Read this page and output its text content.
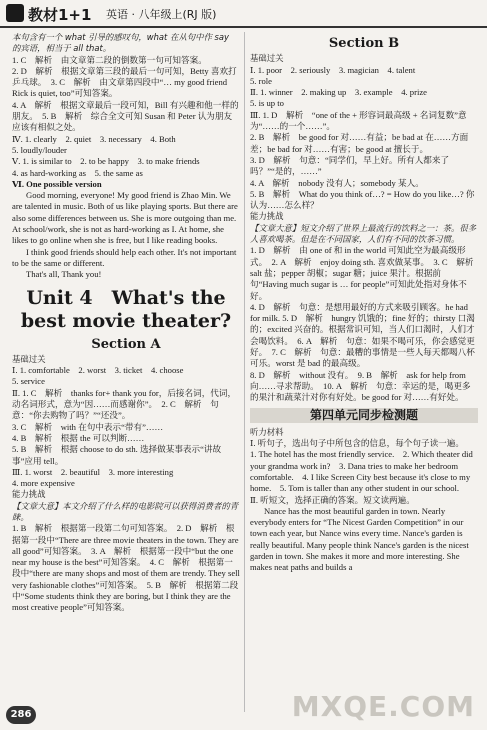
教材1+1 英语 · 八年级上(RJ 版)

本句含有一个 what 引导的感叹句，what 在从句中作 say 的宾语，相当于 all that。

1. C　解析　由文章第二段的倒数第一句可知答案。

2. D　解析　根据文章第三段的最后一句可知，Betty 喜欢打乒乓球。　3. C　解析　由文章第四段中“… my good friend Rick is quiet, too”可知答案。

4. A　解析　根据文章最后一段可知，Bill 有兴趣和他一样的朋友。　5. B　解析　综合全文可知 Susan 和 Peter 认为朋友应该有相似之处。

Ⅳ. 1. clearly　2. quiet　3. necessary　4. Both

5. loudly/louder

Ⅴ. 1. is similar to　2. to be happy　3. to make friends

4. as hard-working as　5. the same as

Ⅵ. One possible version

Good morning, everyone! My good friend is Zhao Min. We are talented in music. Both of us like playing sports. But there are also some differences between us. She is more outgoing than me. At school/work, she is not as hard-working as I. At home, she likes to go online when she is free, but I like reading books.

I think good friends should help each other. It's not important to be the same or different.

That's all, Thank you!

Unit 4　What's the best movie theater?
Section A

基础过关

Ⅰ. 1. comfortable　2. worst　3. ticket　4. choose

5. service

Ⅱ. 1. C　解析　thanks for+ thank you for，后接名词，代词，动名词形式，意为“因……而感谢你”。　2. C　解析　句意：“你去购物了吗？”“还没”。

3. C　解析　with 在句中表示“带有”……

4. B　解析　根据 the 可以判断……

5. B　解析　根据 choose to do sth. 选择做某事表示“讲故事”应用 tell。

Ⅲ. 1. worst　2. beautiful　3. more interesting

4. more expensive

能力挑战

【文章大意】本文介绍了什么样的电影院可以获得消费者的青睐。

1. B　解析　根据第一段第二句可知答案。　2. D　解析　根据第一段中“There are three movie theaters in the town. They are all good”可知答案。　3. A　解析　根据第一段中“but the one near my house is the best”可知答案。　4. C　解析　根据第一段中“there are many shops and most of them are trendy. They sell very fashionable clothes”可知答案。　5. B　解析　根据第二段中“Some students think they are boring, but I think they are the most creative people”可知答案。

Section B

基础过关

Ⅰ. 1. poor　2. seriously　3. magician　4. talent

5. role

Ⅱ. 1. winner　2. making up　3. example　4. prize

5. is up to

Ⅲ. 1. D　解析　“one of the + 形容词最高级 + 名词复数”意为“……的一个……”。

2. B　解析　be good for 对……有益；be bad at 在……方面差；be bad for 对……有害；be good at 擅长于。

3. D　解析　句意：“同学们，早上好。所有人都来了吗？”“是的，……”

4. A　解析　nobody 没有人；somebody 某人。

5. B　解析　What do you think of…? = How do you like…? 你认为……怎么样？

能力挑战

【文章大意】短文介绍了世界上最流行的饮料之一：茶。很多人喜欢喝茶。但是在不同国家，人们有不同的饮茶习惯。

1. D　解析　由 one of 和 in the world 可知此空为最高级形式。　2. A　解析　enjoy doing sth. 喜欢做某事。　3. C　解析　salt 盐；pepper 胡椒；sugar 糖；juice 果汁。根据前句“Having much sugar is … for people”可知此处指对身体不好。

4. D　解析　句意：是想用最好的方式来吸引顾客。he had for milk. 5. D　解析　hungry 饥饿的；fine 好的；thirsty 口渴的；excited 兴奋的。根据常识可知，当人们口渴时，人们才会喝饮料。　6. A　解析　句意：如果不喝可乐，你会感觉更好。　7. C　解析　句意：最糟的事情是一些人每天都喝八杯可乐。worst 是 bad 的最高级。

8. D　解析　without 没有。　9. B　解析　ask for help from 向……寻求帮助。　10. A　解析　句意：幸运的是，喝更多的果汁和蔬菜汁对你有好处。be good for 对……有好处。

第四单元同步检测题

听力材料

Ⅰ. 听句子，选出句子中所包含的信息，每个句子读一遍。

1. The hotel has the most friendly service.　2. Which theater did your grandma work in?　3. Dana tries to make her bedroom comfortable.　4. I like Screen City best because it's close to my home.　5. Tom is taller than any other student in our school.

Ⅱ. 听短文，选择正确的答案。短文读两遍。

Nance has the most beautiful garden in town. Nearly everybody enters for “The Nicest Garden Competition” in our town each year, but Nance wins every time. Nance's garden is really beautiful. Many people think Nance's garden is the nicest garden in town. She makes it more and more interesting. She makes neat paths and builds a

286	MXQE.COM
